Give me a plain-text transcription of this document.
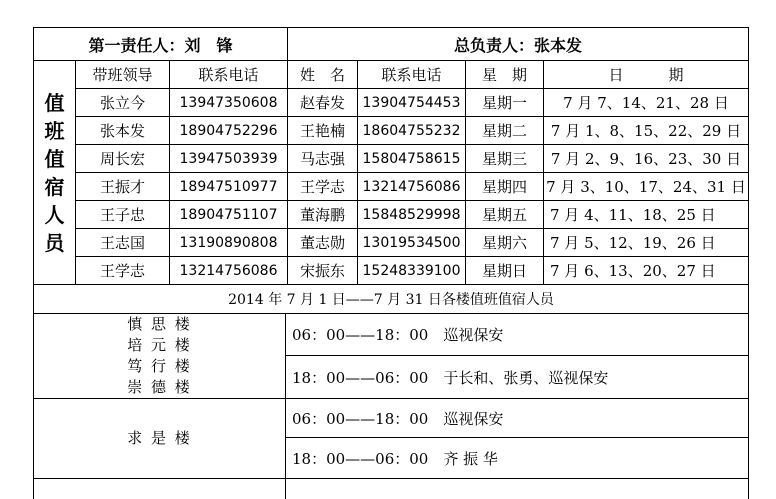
第一责任人：刘　锋	总负责人：张本发
值
班
值
宿
人
员
带班领导	联系电话	姓　名 联系电话	星　期	日　　　期
张立今 13947350608 赵春发 13904754453 星期一 7 月 7、14、21、28 日
张本发 18904752296 王艳楠 18604755232 星期二 7 月 1、8、15、22、29 日
周长宏 13947503939 马志强 15804758615 星期三 7 月 2、9、16、23、30 日
王振才 18947510977 王学志 13214756086 星期四 7 月 3、10、17、24、31 日
王子忠 18904751107 董海鹏 15848529998 星期五 7 月 4、11、18、25 日
王志国 13190890808 董志勋 13019534500 星期六 7 月 5、12、19、26 日
王学志 13214756086 宋振东 15248339100 星期日 7 月 6、13、20、27 日
2014 年 7 月 1 日——7 月 31 日各楼值班值宿人员
慎 思 楼
培 元 楼
笃 行 楼
崇 德 楼
06：00——18：00　巡视保安
18：00——06：00　于长和、张勇、巡视保安
求 是 楼
06：00——18：00　巡视保安
18：00——06：00　齐 振 华
